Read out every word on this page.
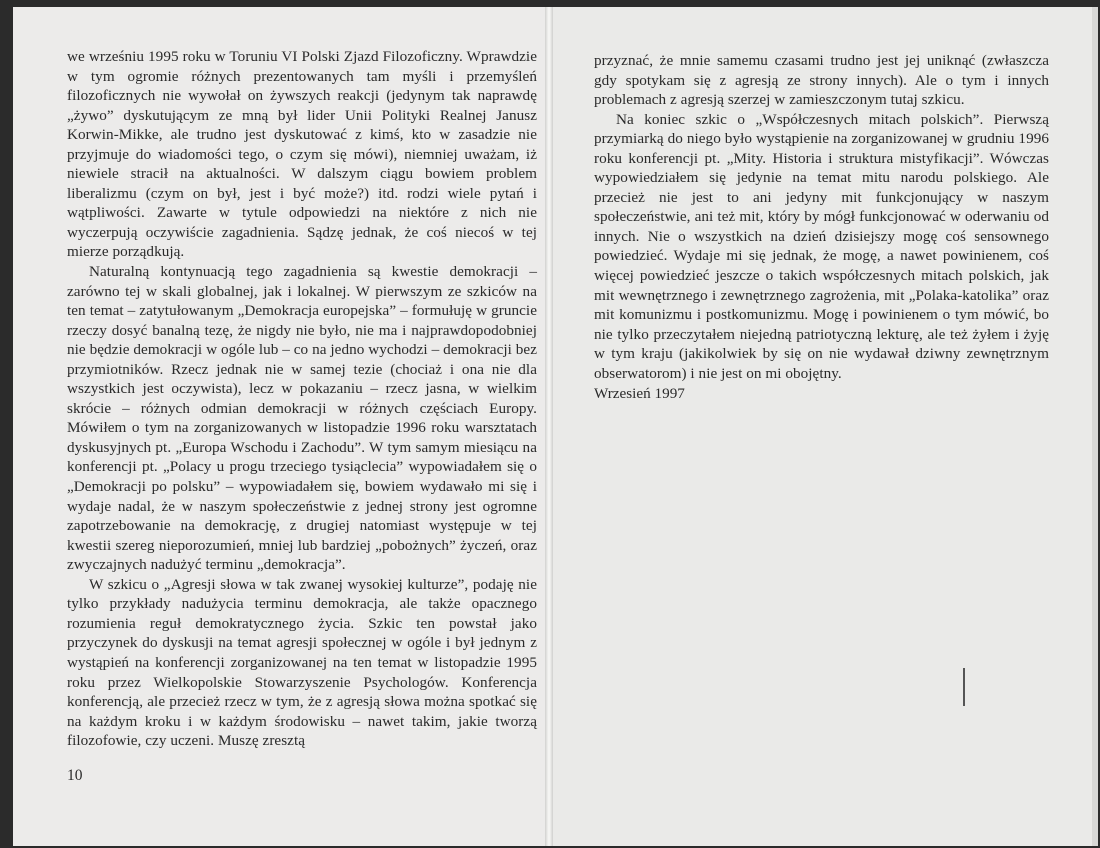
we wrześniu 1995 roku w Toruniu VI Polski Zjazd Filozoficzny. Wprawdzie w tym ogromie różnych prezentowanych tam myśli i przemyśleń filozoficznych nie wywołał on żywszych reakcji (jedynym tak naprawdę „żywo” dyskutującym ze mną był lider Unii Polityki Realnej Janusz Korwin-Mikke, ale trudno jest dyskutować z kimś, kto w zasadzie nie przyjmuje do wiadomości tego, o czym się mówi), niemniej uważam, iż niewiele stracił na aktualności. W dalszym ciągu bowiem problem liberalizmu (czym on był, jest i być może?) itd. rodzi wiele pytań i wątpliwości. Zawarte w tytule odpowiedzi na niektóre z nich nie wyczerpują oczywiście zagadnienia. Sądzę jednak, że coś niecoś w tej mierze porządkują.

Naturalną kontynuacją tego zagadnienia są kwestie demokracji – zarówno tej w skali globalnej, jak i lokalnej. W pierwszym ze szkiców na ten temat – zatytułowanym „Demokracja europejska” – formułuję w gruncie rzeczy dosyć banalną tezę, że nigdy nie było, nie ma i najprawdopodobniej nie będzie demokracji w ogóle lub – co na jedno wychodzi – demokracji bez przymiotników. Rzecz jednak nie w samej tezie (chociaż i ona nie dla wszystkich jest oczywista), lecz w pokazaniu – rzecz jasna, w wielkim skrócie – różnych odmian demokracji w różnych częściach Europy. Mówiłem o tym na zorganizowanych w listopadzie 1996 roku warsztatach dyskusyjnych pt. „Europa Wschodu i Zachodu”. W tym samym miesiącu na konferencji pt. „Polacy u progu trzeciego tysiąclecia” wypowiadałem się o „Demokracji po polsku” – wypowiadałem się, bowiem wydawało mi się i wydaje nadal, że w naszym społeczeństwie z jednej strony jest ogromne zapotrzebowanie na demokrację, z drugiej natomiast występuje w tej kwestii szereg nieporozumień, mniej lub bardziej „pobożnych” życzeń, oraz zwyczajnych nadużyć terminu „demokracja”.

W szkicu o „Agresji słowa w tak zwanej wysokiej kulturze”, podaję nie tylko przykłady nadużycia terminu demokracja, ale także opacznego rozumienia reguł demokratycznego życia. Szkic ten powstał jako przyczynek do dyskusji na temat agresji społecznej w ogóle i był jednym z wystąpień na konferencji zorganizowanej na ten temat w listopadzie 1995 roku przez Wielkopolskie Stowarzyszenie Psychologów. Konferencja konferencją, ale przecież rzecz w tym, że z agresją słowa można spotkać się na każdym kroku i w każdym środowisku – nawet takim, jakie tworzą filozofowie, czy uczeni. Muszę zresztą

10

przyznać, że mnie samemu czasami trudno jest jej uniknąć (zwłaszcza gdy spotykam się z agresją ze strony innych). Ale o tym i innych problemach z agresją szerzej w zamieszczonym tutaj szkicu.

Na koniec szkic o „Współczesnych mitach polskich”. Pierwszą przymiarką do niego było wystąpienie na zorganizowanej w grudniu 1996 roku konferencji pt. „Mity. Historia i struktura mistyfikacji”. Wówczas wypowiedziałem się jedynie na temat mitu narodu polskiego. Ale przecież nie jest to ani jedyny mit funkcjonujący w naszym społeczeństwie, ani też mit, który by mógł funkcjonować w oderwaniu od innych. Nie o wszystkich na dzień dzisiejszy mogę coś sensownego powiedzieć. Wydaje mi się jednak, że mogę, a nawet powinienem, coś więcej powiedzieć jeszcze o takich współczesnych mitach polskich, jak mit wewnętrznego i zewnętrznego zagrożenia, mit „Polaka-katolika” oraz mit komunizmu i postkomunizmu. Mogę i powinienem o tym mówić, bo nie tylko przeczytałem niejedną patriotyczną lekturę, ale też żyłem i żyję w tym kraju (jakikolwiek by się on nie wydawał dziwny zewnętrznym obserwatorom) i nie jest on mi obojętny.

Wrzesień 1997
